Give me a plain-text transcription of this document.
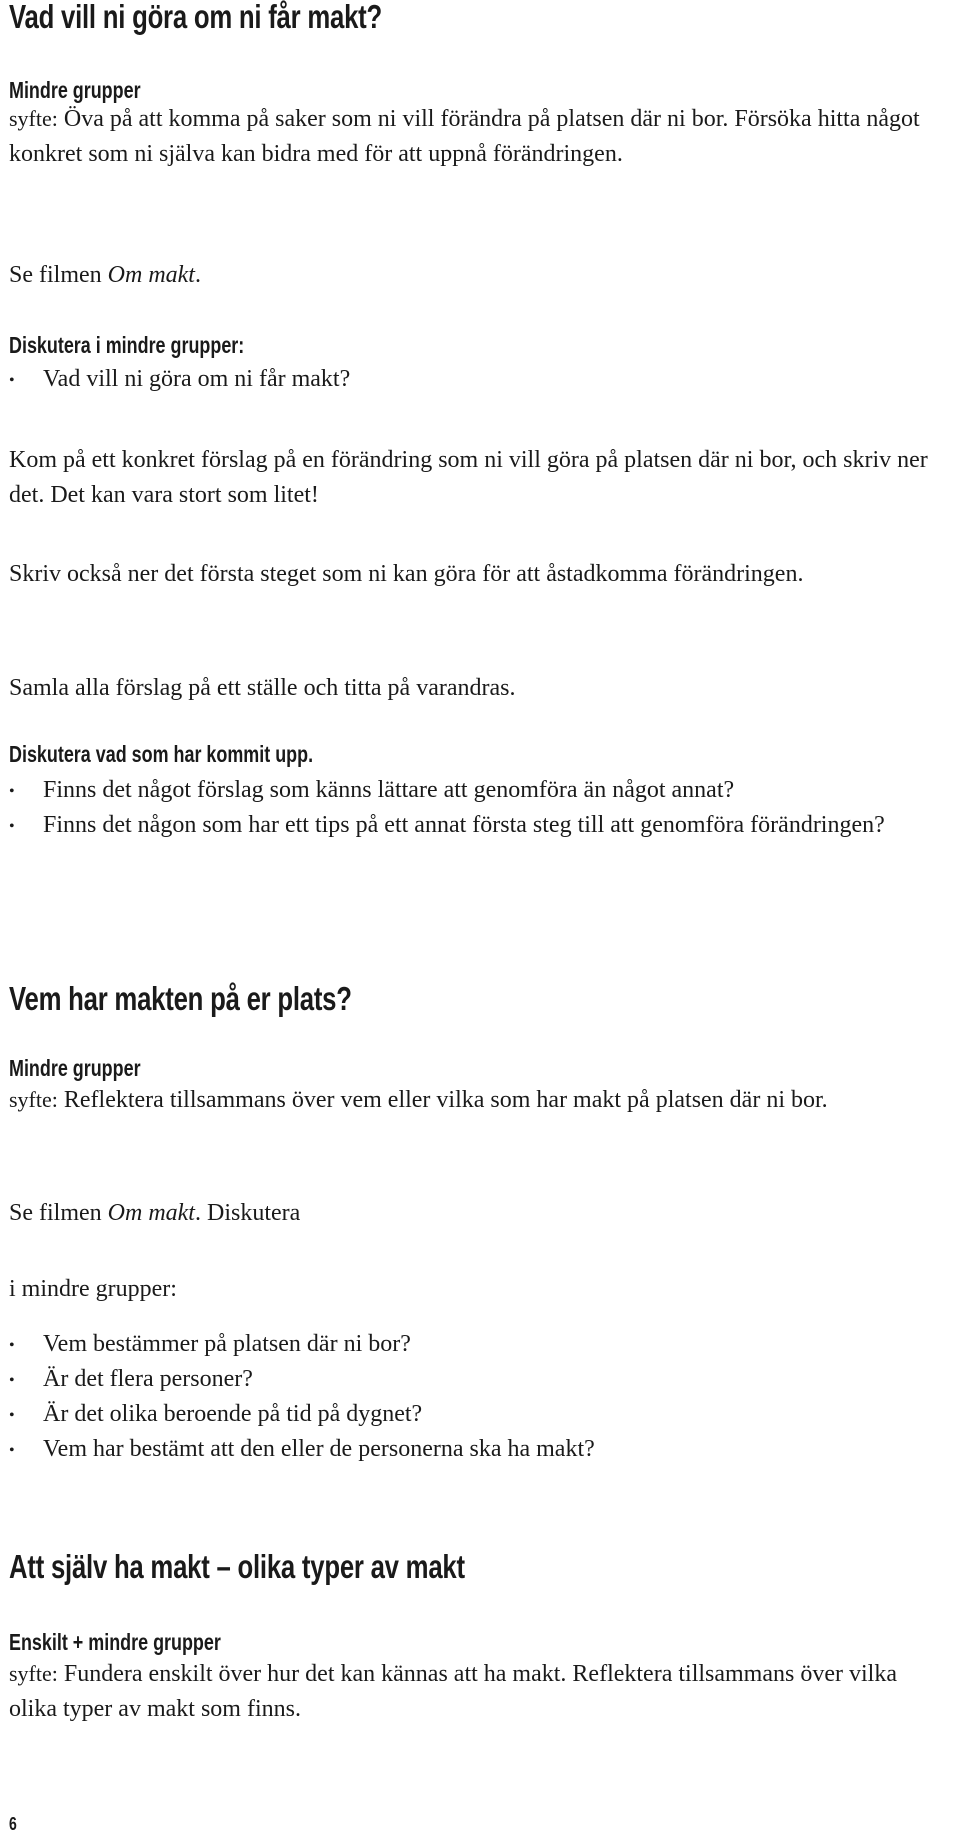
Vad vill ni göra om ni får makt?
Mindre grupper

syfte: Öva på att komma på saker som ni vill förändra på platsen där ni bor. Försöka hitta något konkret som ni själva kan bidra med för att uppnå förändringen.

Se filmen Om makt.

Diskutera i mindre grupper:
• Vad vill ni göra om ni får makt?

Kom på ett konkret förslag på en förändring som ni vill göra på platsen där ni bor, och skriv ner det. Det kan vara stort som litet!

Skriv också ner det första steget som ni kan göra för att åstadkomma förändringen.

Samla alla förslag på ett ställe och titta på varandras.

Diskutera vad som har kommit upp.
• Finns det något förslag som känns lättare att genomföra än något annat?
• Finns det någon som har ett tips på ett annat första steg till att genomföra förändringen?
Vem har makten på er plats?
Mindre grupper

syfte: Reflektera tillsammans över vem eller vilka som har makt på platsen där ni bor.

Se filmen Om makt. Diskutera

i mindre grupper:

• Vem bestämmer på platsen där ni bor?
• Är det flera personer?
• Är det olika beroende på tid på dygnet?
• Vem har bestämt att den eller de personerna ska ha makt?
Att själv ha makt – olika typer av makt
Enskilt + mindre grupper

syfte: Fundera enskilt över hur det kan kännas att ha makt. Reflektera tillsammans över vilka olika typer av makt som finns.

6
